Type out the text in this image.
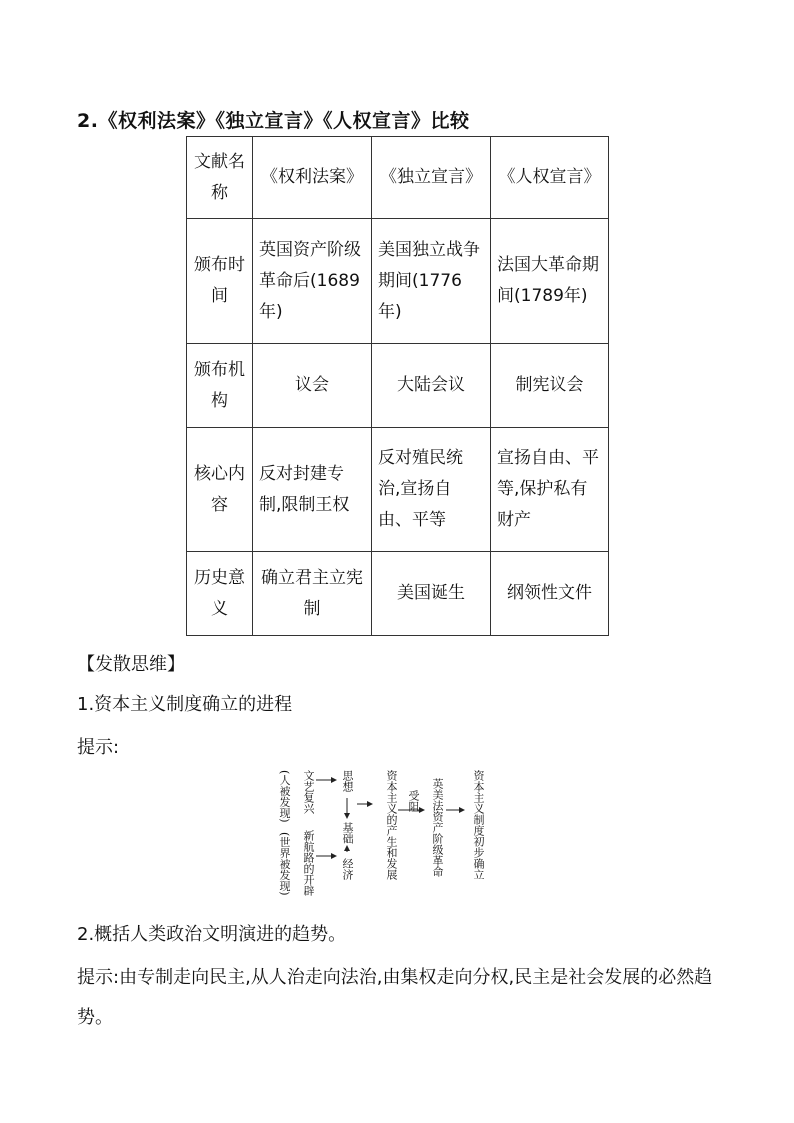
2.《权利法案》《独立宣言》《人权宣言》比较
文献名称	《权利法案》	《独立宣言》	《人权宣言》
颁布时间	英国资产阶级革命后(1689年)	美国独立战争期间(1776年)	法国大革命期间(1789年)
颁布机构	议会	大陆会议	制宪议会
核心内容	反对封建专制,限制王权	反对殖民统治,宣扬自由、平等	宣扬自由、平等,保护私有财产
历史意义	确立君主立宪制	美国诞生	纲领性文件
【发散思维】
1.资本主义制度确立的进程
提示:
(人被发现) 文艺复兴
(世界被发现) 新航路的开辟
思想
基础
经济	资本主义的产生和发展 受阻 英美法资产阶级革命	资本主义制度初步确立
2.概括人类政治文明演进的趋势。
提示:由专制走向民主,从人治走向法治,由集权走向分权,民主是社会发展的必然趋势。
